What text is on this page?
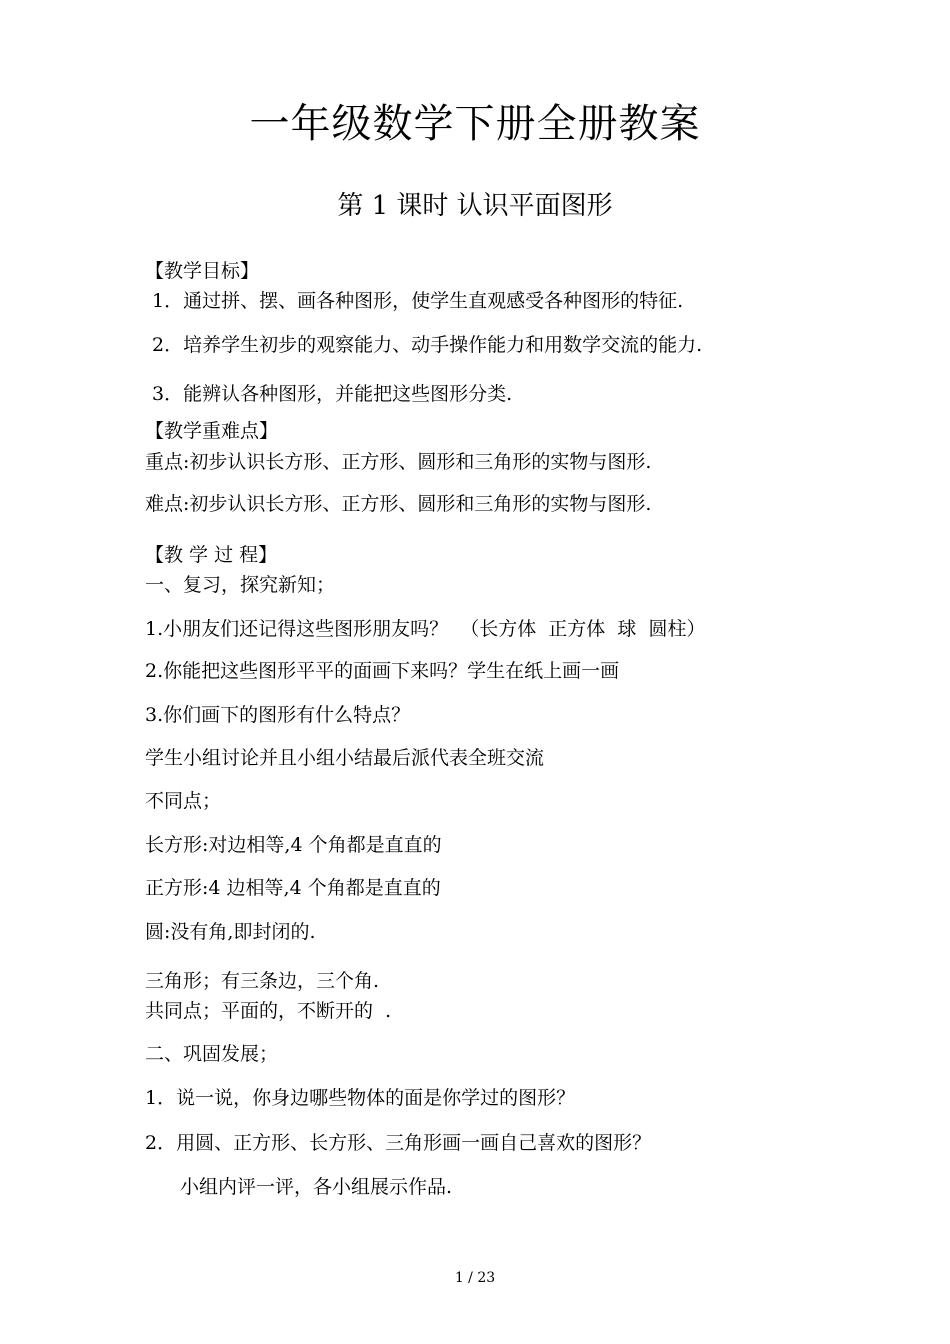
一年级数学下册全册教案
第 1 课时 认识平面图形
【教学目标】
1．通过拼、摆、画各种图形，使学生直观感受各种图形的特征.
2．培养学生初步的观察能力、动手操作能力和用数学交流的能力.
3．能辨认各种图形，并能把这些图形分类.
【教学重难点】
重点:初步认识长方形、正方形、圆形和三角形的实物与图形.
难点:初步认识长方形、正方形、圆形和三角形的实物与图形.
【教 学 过 程】
一、复习，探究新知；
1.小朋友们还记得这些图形朋友吗？  （长方体  正方体  球  圆柱）
2.你能把这些图形平平的面画下来吗？学生在纸上画一画
3.你们画下的图形有什么特点？
学生小组讨论并且小组小结最后派代表全班交流
不同点；
长方形:对边相等,4 个角都是直直的
正方形:4 边相等,4 个角都是直直的
圆:没有角,即封闭的.
三角形；有三条边，三个角.
共同点；平面的，不断开的  .
二、巩固发展；
1．说一说，你身边哪些物体的面是你学过的图形？
2．用圆、正方形、长方形、三角形画一画自己喜欢的图形？
小组内评一评，各小组展示作品.
1 / 23
